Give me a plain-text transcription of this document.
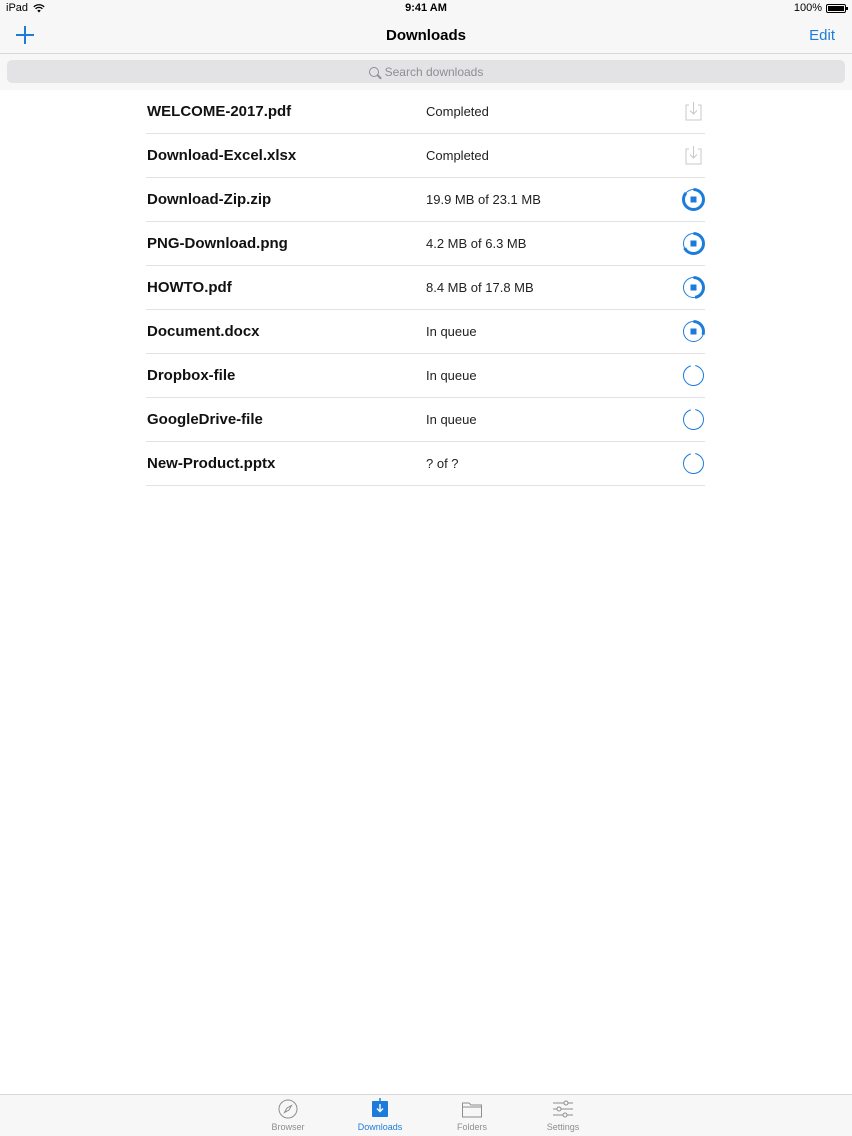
iPad	9:41 AM	100%
Downloads	Edit
Search downloads
WELCOME-2017.pdf	Completed
Download-Excel.xlsx	Completed
Download-Zip.zip	19.9 MB of 23.1 MB
PNG-Download.png	4.2 MB of 6.3 MB
HOWTO.pdf	8.4 MB of 17.8 MB
Document.docx	In queue
Dropbox-file	In queue
GoogleDrive-file	In queue
New-Product.pptx	? of ?
Browser	Downloads	Folders	Settings
